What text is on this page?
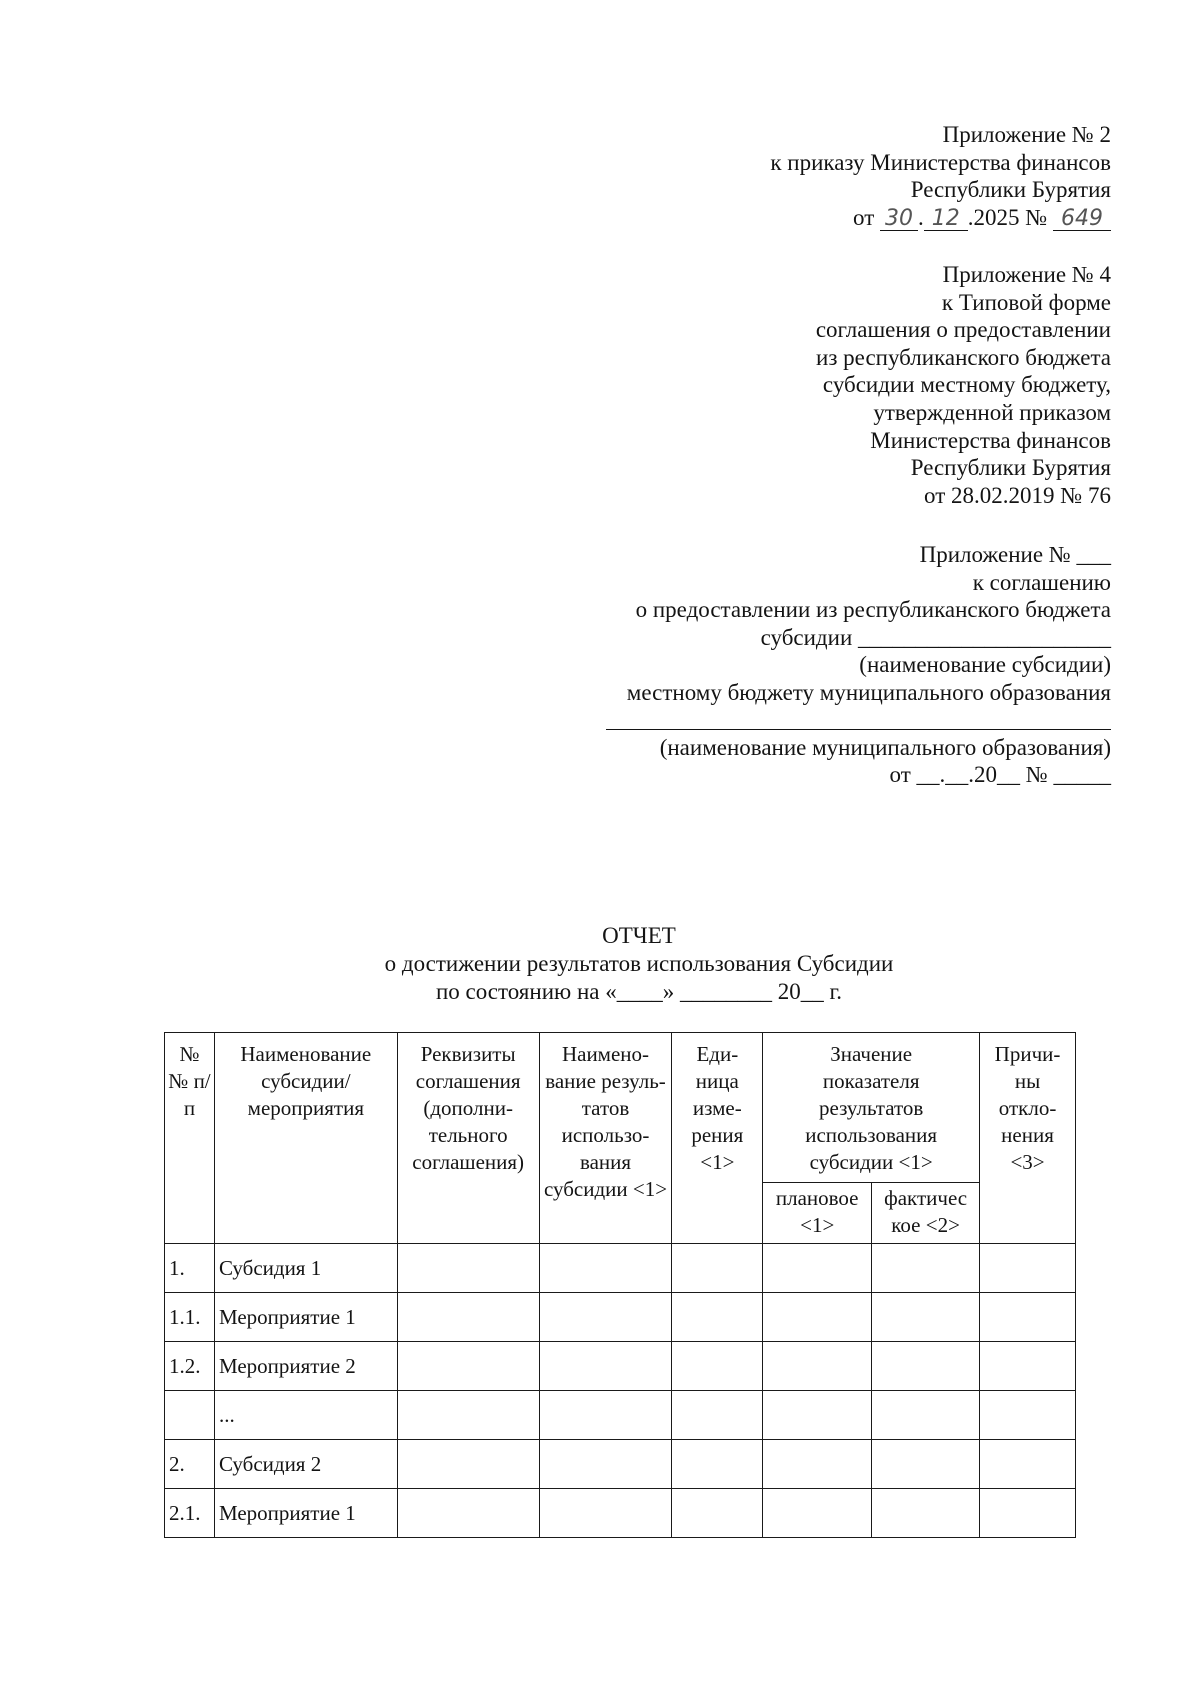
Приложение № 2
к приказу Министерства финансов
Республики Бурятия
от 30 . 12 .2025 № 649
Приложение № 4
к Типовой форме
соглашения о предоставлении
из республиканского бюджета
субсидии местному бюджету,
утвержденной приказом
Министерства финансов
Республики Бурятия
от 28.02.2019 № 76
Приложение № ___
к соглашению
о предоставлении из республиканского бюджета
субсидии ______________________
(наименование субсидии)
местному бюджету муниципального образования
(наименование муниципального образования)
от __.__.20__ № _____
ОТЧЕТ
о достижении результатов использования Субсидии
по состоянию на «____» ________ 20__ г.
№ № п/п	Наименование субсидии/ мероприятия	Реквизиты соглашения (дополни-тельного соглашения)	Наимено-вание резуль-татов использо-вания субсидии <1>	Еди-ница изме-рения <1>	Значение показателя результатов использования субсидии <1>		Причи-ны откло-нения <3>
					плановое <1>	фактичес кое <2>	
1.	Субсидия 1						
1.1.	Мероприятие 1						
1.2.	Мероприятие 2						
	...						
2.	Субсидия 2						
2.1.	Мероприятие 1						
